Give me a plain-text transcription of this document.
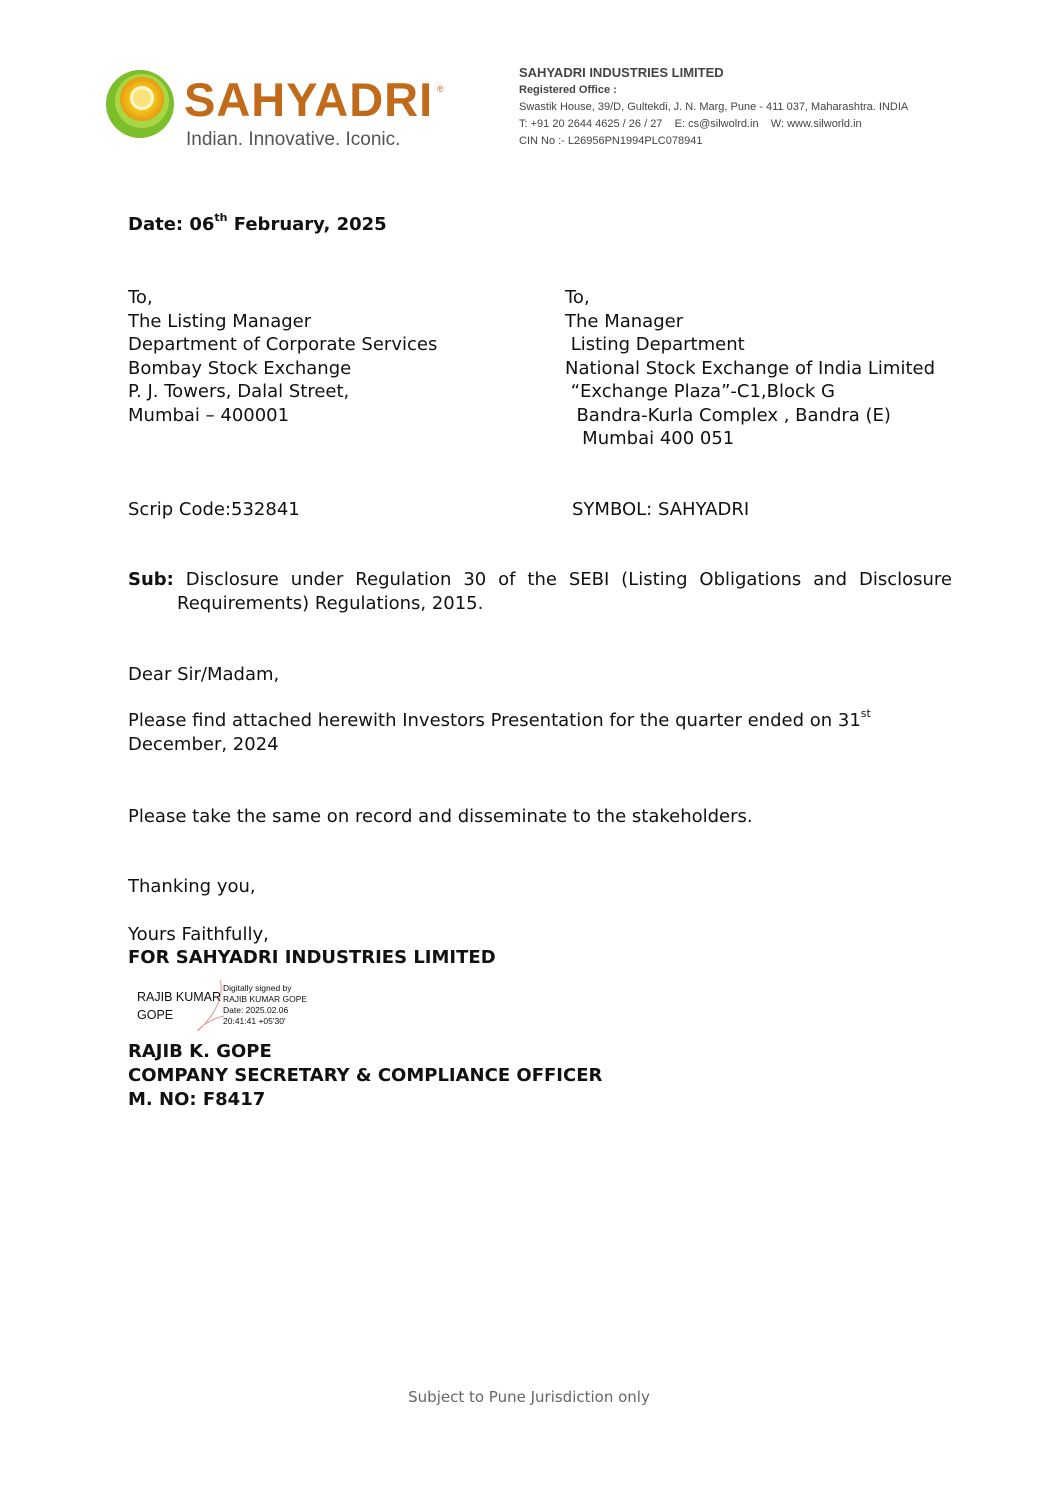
SAHYADRI ®
Indian. Innovative. Iconic.
SAHYADRI INDUSTRIES LIMITED
Registered Office :
Swastik House, 39/D, Gultekdi, J. N. Marg, Pune - 411 037, Maharashtra. INDIA
T: +91 20 2644 4625 / 26 / 27    E: cs@silwolrd.in    W: www.silworld.in
CIN No :- L26956PN1994PLC078941
Date: 06th February, 2025
To,
The Listing Manager
Department of Corporate Services
Bombay Stock Exchange
P. J. Towers, Dalal Street,
Mumbai – 400001
To,
The Manager
Listing Department
National Stock Exchange of India Limited
“Exchange Plaza”-C1,Block G
Bandra-Kurla Complex , Bandra (E)
Mumbai 400 051
Scrip Code:532841	SYMBOL: SAHYADRI
Sub: Disclosure under Regulation 30 of the SEBI (Listing Obligations and Disclosure
Requirements) Regulations, 2015.
Dear Sir/Madam,
Please find attached herewith Investors Presentation for the quarter ended on 31st December, 2024
Please take the same on record and disseminate to the stakeholders.
Thanking you,
Yours Faithfully,
FOR SAHYADRI INDUSTRIES LIMITED
RAJIB KUMAR
GOPE
Digitally signed by
RAJIB KUMAR GOPE
Date: 2025.02.06
20:41:41 +05'30'
RAJIB K. GOPE
COMPANY SECRETARY & COMPLIANCE OFFICER
M. NO: F8417
Subject to Pune Jurisdiction only
